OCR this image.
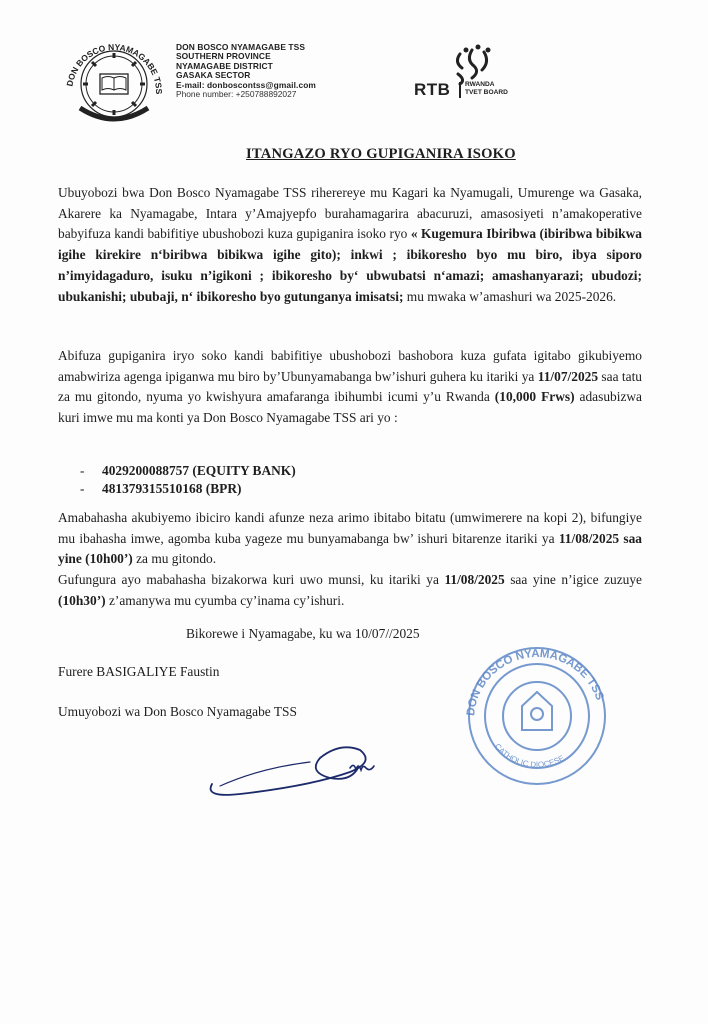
DON BOSCO NYAMAGABE TSS
DON BOSCO NYAMAGABE TSS
SOUTHERN PROVINCE
NYAMAGABE DISTRICT
GASAKA SECTOR
E-mail: donboscontss@gmail.com
Phone number: +250788892027	RTB RWANDA
TVET BOARD
ITANGAZO RYO GUPIGANIRA ISOKO
Ubuyobozi bwa Don Bosco Nyamagabe TSS riherereye mu Kagari ka Nyamugali, Umurenge wa Gasaka, Akarere ka Nyamagabe, Intara y’Amajyepfo burahamagarira abacuruzi, amasosiyeti n’amakoperative babyifuza kandi babifitiye ubushobozi kuza gupiganira isoko ryo « Kugemura Ibiribwa (ibiribwa bibikwa igihe kirekire n‘biribwa bibikwa igihe gito); inkwi ; ibikoresho byo mu biro, ibya siporo n’imyidagaduro, isuku n’igikoni ; ibikoresho by‘ ubwubatsi n‘amazi; amashanyarazi; ubudozi; ubukanishi; ububaji, n‘ ibikoresho byo gutunganya imisatsi; mu mwaka w’amashuri wa 2025-2026.
Abifuza gupiganira iryo soko kandi babifitiye ubushobozi bashobora kuza gufata igitabo gikubiyemo amabwiriza agenga ipiganwa mu biro by’Ubunyamabanga bw’ishuri guhera ku itariki ya 11/07/2025 saa tatu za mu gitondo, nyuma yo kwishyura amafaranga ibihumbi icumi y’u Rwanda (10,000 Frws) adasubizwa kuri imwe mu ma konti ya Don Bosco Nyamagabe TSS ari yo :
- 4029200088757 (EQUITY BANK)
- 481379315510168 (BPR)
Amabahasha akubiyemo ibiciro kandi afunze neza arimo ibitabo bitatu (umwimerere na kopi 2), bifungiye mu ibahasha imwe, agomba kuba yageze mu bunyamabanga bw’ ishuri bitarenze itariki ya 11/08/2025 saa yine (10h00’) za mu gitondo.
Gufungura ayo mabahasha bizakorwa kuri uwo munsi, ku itariki ya 11/08/2025 saa yine n’igice zuzuye (10h30’) z’amanywa mu cyumba cy’inama cy’ishuri.
Bikorewe i Nyamagabe, ku wa 10/07//2025
Furere BASIGALIYE Faustin
Umuyobozi wa Don Bosco Nyamagabe TSS	DON BOSCO NYAMAGABE TSS
CATHOLIC DIOCESE
